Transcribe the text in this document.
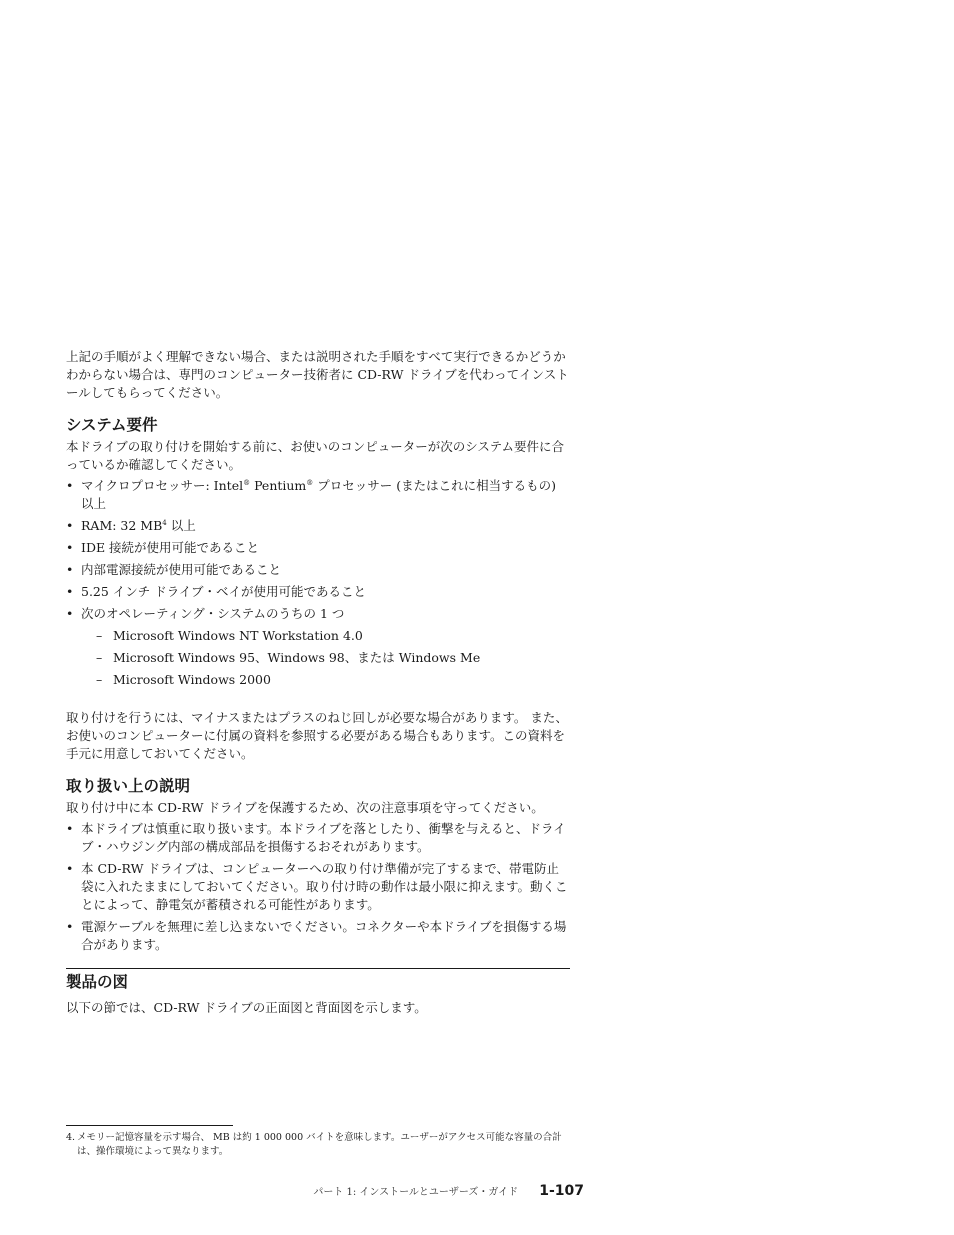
上記の手順がよく理解できない場合、または説明された手順をすべて実行できるかどうかわからない場合は、専門のコンピューター技術者に CD-RW ドライブを代わってインストールしてもらってください。

システム要件

本ドライブの取り付けを開始する前に、お使いのコンピューターが次のシステム要件に合っているか確認してください。

• マイクロプロセッサー: Intel® Pentium® プロセッサー (またはこれに相当するもの) 以上
• RAM: 32 $MB^4$ 以上
• IDE 接続が使用可能であること
• 内部電源接続が使用可能であること
• 5.25 インチ ドライブ・ベイが使用可能であること
• 次のオペレーティング・システムのうちの 1 つ
– Microsoft Windows NT Workstation 4.0
– Microsoft Windows 95、Windows 98、または Windows Me
– Microsoft Windows 2000

取り付けを行うには、マイナスまたはプラスのねじ回しが必要な場合があります。 また、お使いのコンピューターに付属の資料を参照する必要がある場合もあります。この資料を手元に用意しておいてください。

取り扱い上の説明

取り付け中に本 CD-RW ドライブを保護するため、次の注意事項を守ってください。

• 本ドライブは慎重に取り扱います。本ドライブを落としたり、衝撃を与えると、ドライブ・ハウジング内部の構成部品を損傷するおそれがあります。
• 本 CD-RW ドライブは、コンピューターへの取り付け準備が完了するまで、帯電防止袋に入れたままにしておいてください。取り付け時の動作は最小限に抑えます。動くことによって、静電気が蓄積される可能性があります。
• 電源ケーブルを無理に差し込まないでください。コネクターや本ドライブを損傷する場合があります。
製品の図

以下の節では、CD-RW ドライブの正面図と背面図を示します。

4. メモリー記憶容量を示す場合、 MB は約 1 000 000 バイトを意味します。ユーザーがアクセス可能な容量の合計は、操作環境によって異なります。
パート 1: インストールとユーザーズ・ガイド 1-107
